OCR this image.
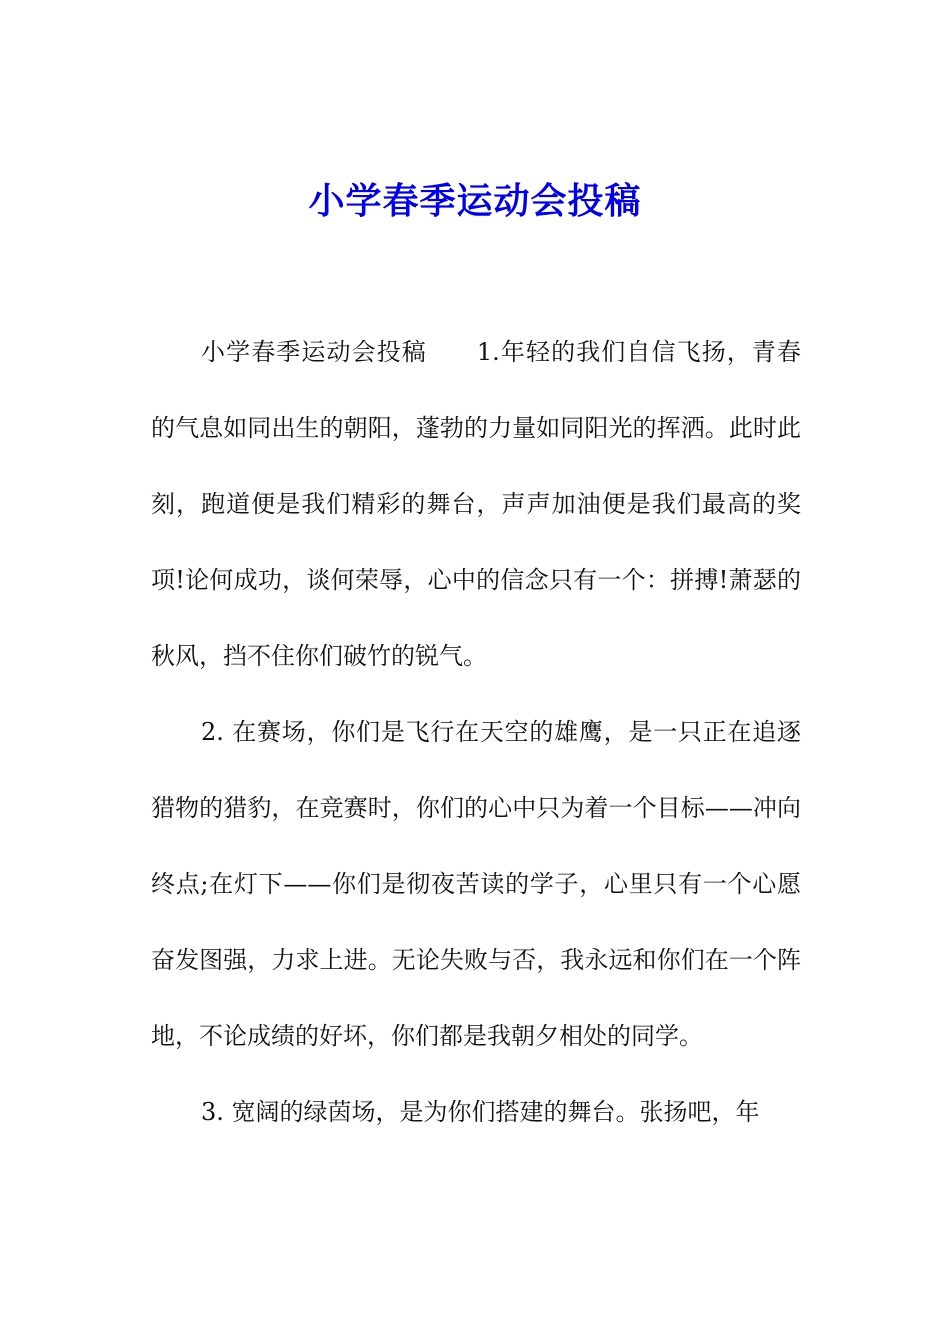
小学春季运动会投稿

小学春季运动会投稿 1.年轻的我们自信飞扬，青春的气息如同出生的朝阳，蓬勃的力量如同阳光的挥洒。此时此刻，跑道便是我们精彩的舞台，声声加油便是我们最高的奖项!论何成功，谈何荣辱，心中的信念只有一个：拼搏!萧瑟的秋风，挡不住你们破竹的锐气。

2. 在赛场，你们是飞行在天空的雄鹰，是一只正在追逐猎物的猎豹，在竞赛时，你们的心中只为着一个目标——冲向终点;在灯下——你们是彻夜苦读的学子，心里只有一个心愿奋发图强，力求上进。无论失败与否，我永远和你们在一个阵地，不论成绩的好坏，你们都是我朝夕相处的同学。

3. 宽阔的绿茵场，是为你们搭建的舞台。张扬吧，年
